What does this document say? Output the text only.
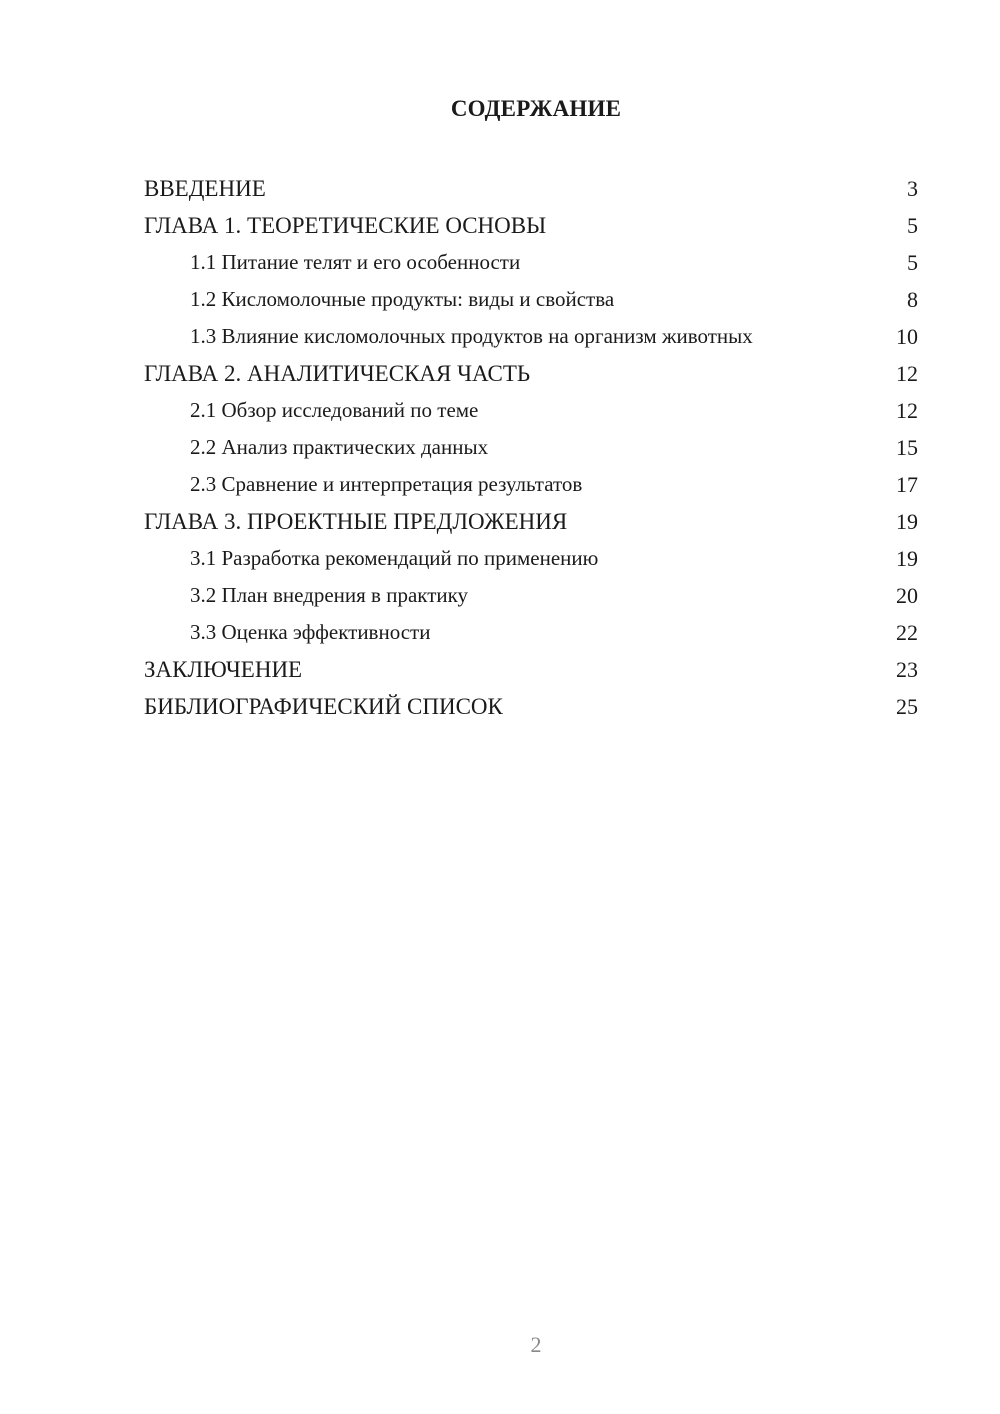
СОДЕРЖАНИЕ
ВВЕДЕНИЕ	3
ГЛАВА 1. ТЕОРЕТИЧЕСКИЕ ОСНОВЫ	5
1.1 Питание телят и его особенности	5
1.2 Кисломолочные продукты: виды и свойства	8
1.3 Влияние кисломолочных продуктов на организм животных	10
ГЛАВА 2. АНАЛИТИЧЕСКАЯ ЧАСТЬ	12
2.1 Обзор исследований по теме	12
2.2 Анализ практических данных	15
2.3 Сравнение и интерпретация результатов	17
ГЛАВА 3. ПРОЕКТНЫЕ ПРЕДЛОЖЕНИЯ	19
3.1 Разработка рекомендаций по применению	19
3.2 План внедрения в практику	20
3.3 Оценка эффективности	22
ЗАКЛЮЧЕНИЕ	23
БИБЛИОГРАФИЧЕСКИЙ СПИСОК	25
2
